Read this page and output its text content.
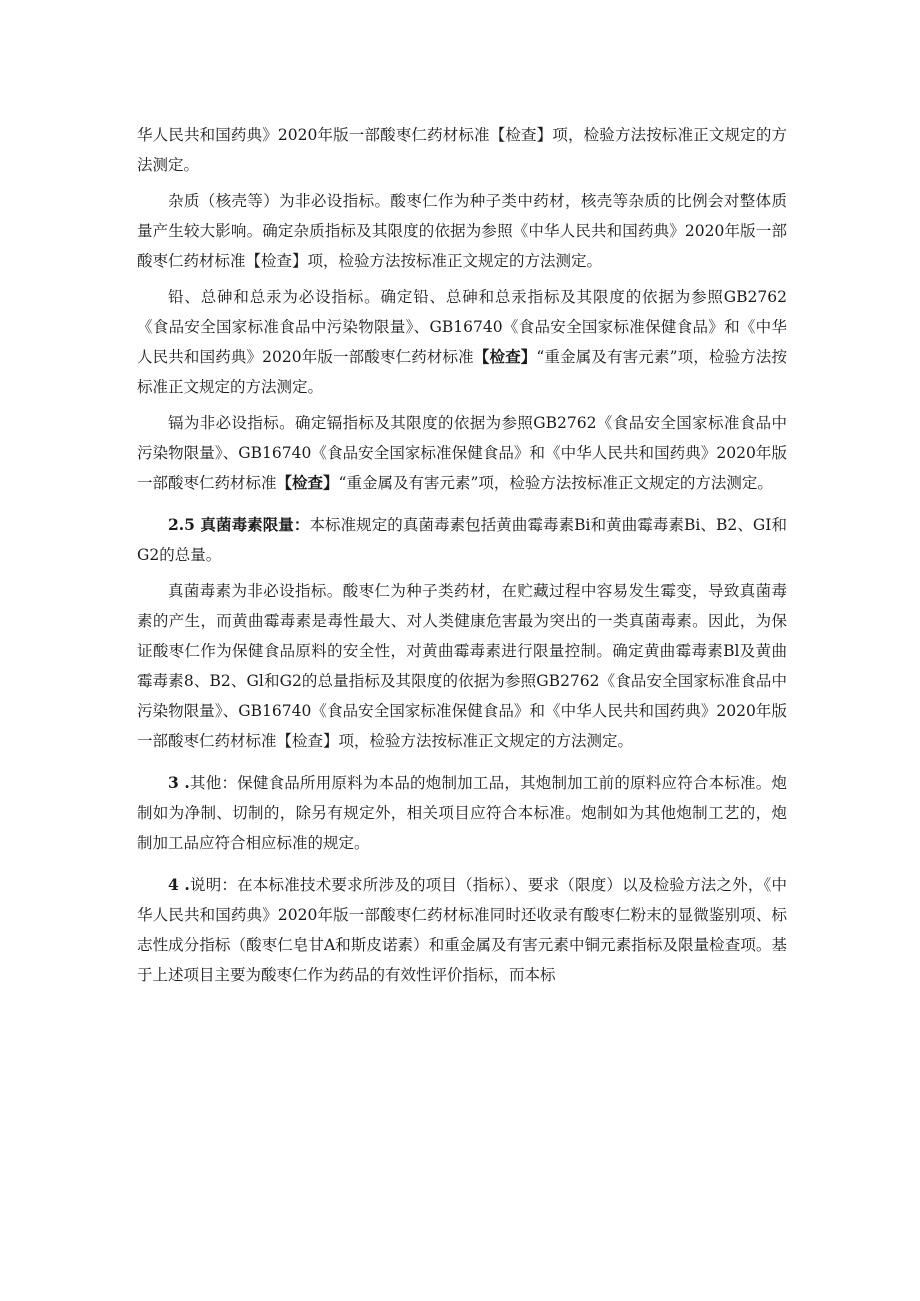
华人民共和国药典》2020年版一部酸枣仁药材标准【检查】项，检验方法按标准正文规定的方法测定。

杂质（核壳等）为非必设指标。酸枣仁作为种子类中药材，核壳等杂质的比例会对整体质量产生较大影响。确定杂质指标及其限度的依据为参照《中华人民共和国药典》2020年版一部酸枣仁药材标准【检查】项，检验方法按标准正文规定的方法测定。

铅、总砷和总汞为必设指标。确定铅、总砷和总汞指标及其限度的依据为参照GB2762《食品安全国家标准食品中污染物限量》、GB16740《食品安全国家标准保健食品》和《中华人民共和国药典》2020年版一部酸枣仁药材标准【检查】“重金属及有害元素”项，检验方法按标准正文规定的方法测定。

镉为非必设指标。确定镉指标及其限度的依据为参照GB2762《食品安全国家标准食品中污染物限量》、GB16740《食品安全国家标准保健食品》和《中华人民共和国药典》2020年版一部酸枣仁药材标准【检查】“重金属及有害元素”项，检验方法按标准正文规定的方法测定。

2.5 真菌毒素限量：本标准规定的真菌毒素包括黄曲霉毒素Bi和黄曲霉毒素Bi、B2、GI和G2的总量。

真菌毒素为非必设指标。酸枣仁为种子类药材，在贮藏过程中容易发生霉变，导致真菌毒素的产生，而黄曲霉毒素是毒性最大、对人类健康危害最为突出的一类真菌毒素。因此，为保证酸枣仁作为保健食品原料的安全性，对黄曲霉毒素进行限量控制。确定黄曲霉毒素Bl及黄曲霉毒素8、B2、Gl和G2的总量指标及其限度的依据为参照GB2762《食品安全国家标准食品中污染物限量》、GB16740《食品安全国家标准保健食品》和《中华人民共和国药典》2020年版一部酸枣仁药材标准【检查】项，检验方法按标准正文规定的方法测定。

3 .其他：保健食品所用原料为本品的炮制加工品，其炮制加工前的原料应符合本标准。炮制如为净制、切制的，除另有规定外，相关项目应符合本标准。炮制如为其他炮制工艺的，炮制加工品应符合相应标准的规定。

4 .说明：在本标准技术要求所涉及的项目（指标）、要求（限度）以及检验方法之外，《中华人民共和国药典》2020年版一部酸枣仁药材标准同时还收录有酸枣仁粉末的显微鉴别项、标志性成分指标（酸枣仁皂甘A和斯皮诺素）和重金属及有害元素中铜元素指标及限量检查项。基于上述项目主要为酸枣仁作为药品的有效性评价指标，而本标
